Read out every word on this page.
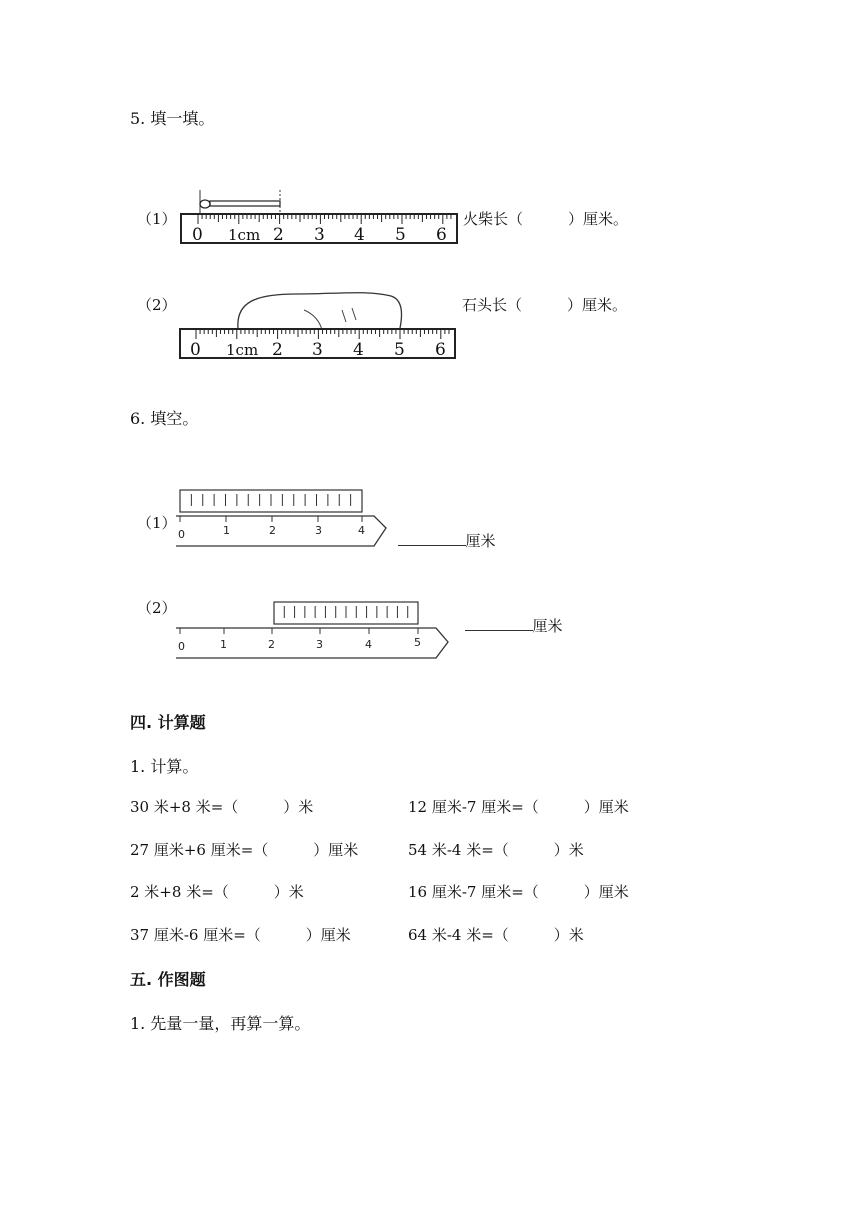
5. 填一填。
（1）
0 1cm 2 3 4 5 6
火柴长（　　　）厘米。
（2）
0 1cm 2 3 4 5 6
石头长（　　　）厘米。
6. 填空。
（1）
0	1	2	3	4

厘米

（2）
0	1	2	3	4	5

厘米

四. 计算题
1. 计算。
30 米+8 米=（　　　）米	12 厘米-7 厘米=（　　　）厘米
27 厘米+6 厘米=（　　　）厘米	54 米-4 米=（　　　）米
2 米+8 米=（　　　）米	16 厘米-7 厘米=（　　　）厘米
37 厘米-6 厘米=（　　　）厘米	64 米-4 米=（　　　）米
五. 作图题
1. 先量一量，再算一算。
